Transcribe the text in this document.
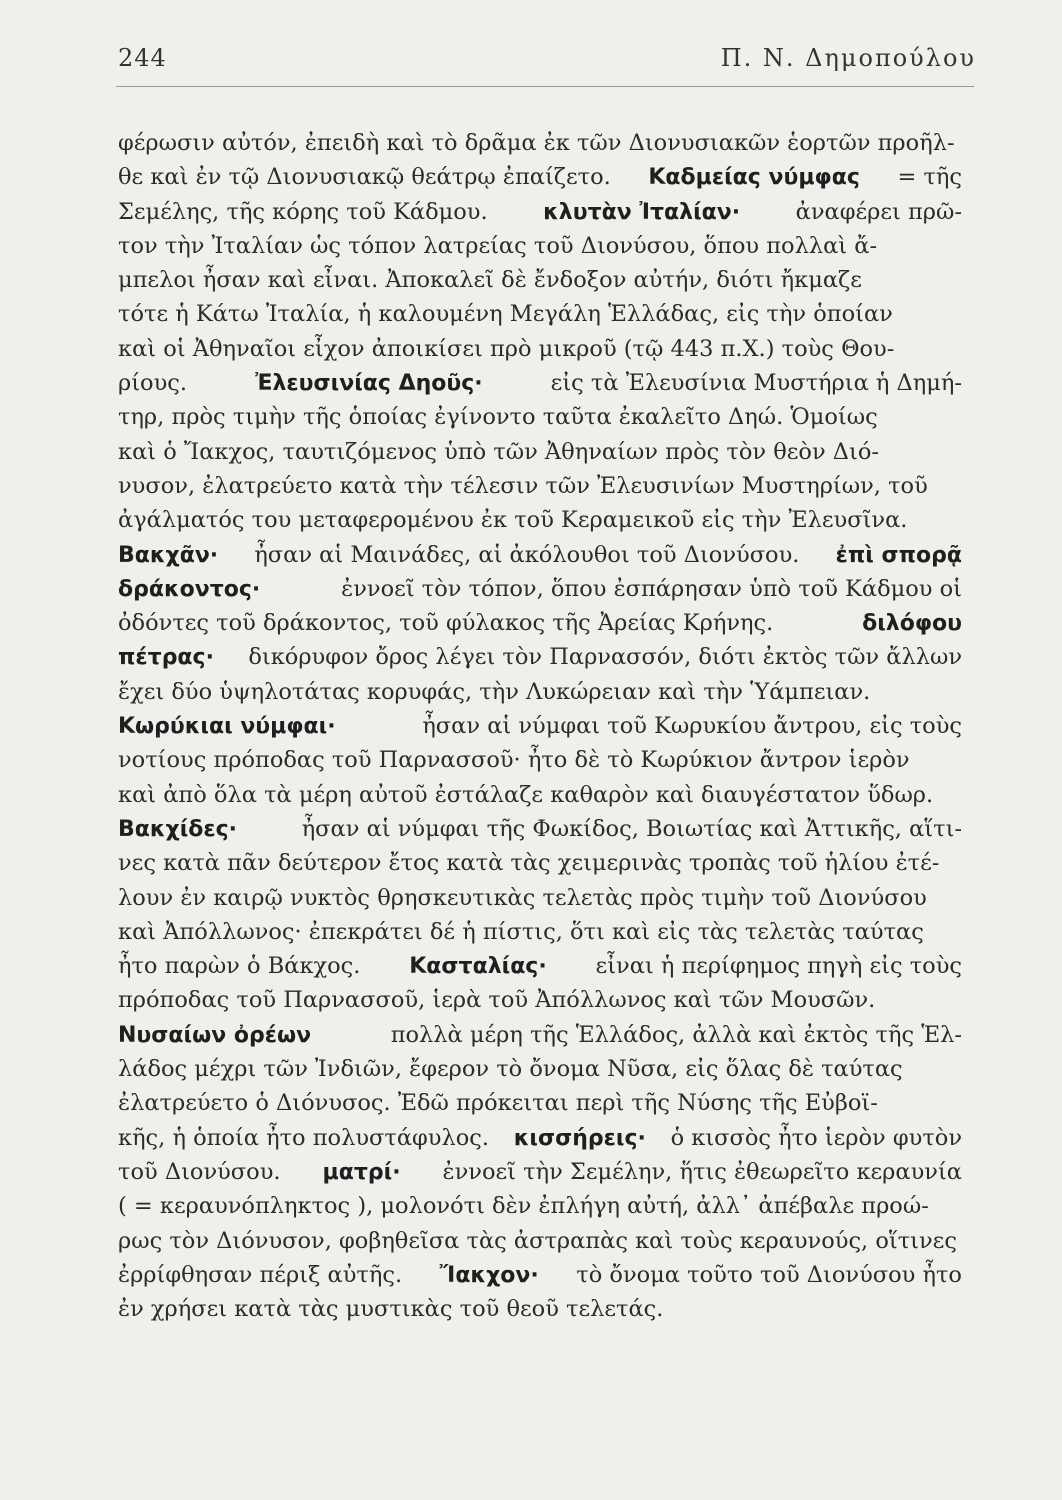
244	Π. Ν. Δημοπούλου
φέρωσιν αὐτόν, ἐπειδὴ καὶ τὸ δρᾶμα ἐκ τῶν Διονυσιακῶν ἑορτῶν προῆλ-
θε καὶ ἐν τῷ Διονυσιακῷ θεάτρῳ ἐπαίζετο. Καδμείας νύμφας = τῆς
Σεμέλης, τῆς κόρης τοῦ Κάδμου.	κλυτὰν Ἰταλίαν· ἀναφέρει πρῶ-
τον τὴν Ἰταλίαν ὡς τόπον λατρείας τοῦ Διονύσου, ὅπου πολλαὶ ἄ-
μπελοι ἦσαν καὶ εἶναι. Ἀποκαλεῖ δὲ ἔνδοξον αὐτήν, διότι ἤκμαζε
τότε ἡ Κάτω Ἰταλία, ἡ καλουμένη Μεγάλη Ἑλλάδας, εἰς τὴν ὁποίαν
καὶ οἱ Ἀθηναῖοι εἶχον ἀποικίσει πρὸ μικροῦ (τῷ 443 π.Χ.) τοὺς Θου-
ρίους.	Ἐλευσινίας Δηοῦς·	εἰς τὰ Ἐλευσίνια Μυστήρια ἡ Δημή-
τηρ, πρὸς τιμὴν τῆς ὁποίας ἐγίνοντο ταῦτα ἐκαλεῖτο Δηώ. Ὁμοίως
καὶ ὁ Ἴακχος, ταυτιζόμενος ὑπὸ τῶν Ἀθηναίων πρὸς τὸν θεὸν Διό-
νυσον, ἐλατρεύετο κατὰ τὴν τέλεσιν τῶν Ἐλευσινίων Μυστηρίων, τοῦ
ἀγάλματός του μεταφερομένου ἐκ τοῦ Κεραμεικοῦ εἰς τὴν Ἐλευσῖνα.
Βακχᾶν· ἦσαν αἱ Μαινάδες, αἱ ἀκόλουθοι τοῦ Διονύσου. ἐπὶ σπορᾷ
δράκοντος·	ἐννοεῖ τὸν τόπον, ὅπου ἐσπάρησαν ὑπὸ τοῦ Κάδμου οἱ
ὀδόντες τοῦ δράκοντος, τοῦ φύλακος τῆς Ἀρείας Κρήνης.	διλόφου
πέτρας· δικόρυφον ὄρος λέγει τὸν Παρνασσόν, διότι ἐκτὸς τῶν ἄλλων
ἔχει δύο ὑψηλοτάτας κορυφάς, τὴν Λυκώρειαν καὶ τὴν Ὑάμπειαν.
Κωρύκιαι νύμφαι·	ἦσαν αἱ νύμφαι τοῦ Κωρυκίου ἄντρου, εἰς τοὺς
νοτίους πρόποδας τοῦ Παρνασσοῦ· ἦτο δὲ τὸ Κωρύκιον ἄντρον ἱερὸν
καὶ ἀπὸ ὅλα τὰ μέρη αὐτοῦ ἐστάλαζε καθαρὸν καὶ διαυγέστατον ὕδωρ.
Βακχίδες·	ἦσαν αἱ νύμφαι τῆς Φωκίδος, Βοιωτίας καὶ Ἀττικῆς, αἵτι-
νες κατὰ πᾶν δεύτερον ἔτος κατὰ τὰς χειμερινὰς τροπὰς τοῦ ἡλίου ἐτέ-
λουν ἐν καιρῷ νυκτὸς θρησκευτικὰς τελετὰς πρὸς τιμὴν τοῦ Διονύσου
καὶ Ἀπόλλωνος· ἐπεκράτει δέ ἡ πίστις, ὅτι καὶ εἰς τὰς τελετὰς ταύτας
ἦτο παρὼν ὁ Βάκχος. Κασταλίας· εἶναι ἡ περίφημος πηγὴ εἰς τοὺς
πρόποδας τοῦ Παρνασσοῦ, ἱερὰ τοῦ Ἀπόλλωνος καὶ τῶν Μουσῶν.
Νυσαίων ὀρέων	πολλὰ μέρη τῆς Ἑλλάδος, ἀλλὰ καὶ ἐκτὸς τῆς Ἑλ-
λάδος μέχρι τῶν Ἰνδιῶν, ἔφερον τὸ ὄνομα Νῦσα, εἰς ὅλας δὲ ταύτας
ἐλατρεύετο ὁ Διόνυσος. Ἐδῶ πρόκειται περὶ τῆς Νύσης τῆς Εὐβοϊ-
κῆς, ἡ ὁποία ἦτο πολυστάφυλος. κισσήρεις· ὁ κισσὸς ἦτο ἱερὸν φυτὸν
τοῦ Διονύσου. ματρί· ἐννοεῖ τὴν Σεμέλην, ἥτις ἐθεωρεῖτο κεραυνία
( = κεραυνόπληκτος ), μολονότι δὲν ἐπλήγη αὐτή, ἀλλ᾿ ἀπέβαλε προώ-
ρως τὸν Διόνυσον, φοβηθεῖσα τὰς ἀστραπὰς καὶ τοὺς κεραυνούς, οἵτινες
ἐρρίφθησαν πέριξ αὐτῆς. Ἴακχον· τὸ ὄνομα τοῦτο τοῦ Διονύσου ἦτο
ἐν χρήσει κατὰ τὰς μυστικὰς τοῦ θεοῦ τελετάς.
